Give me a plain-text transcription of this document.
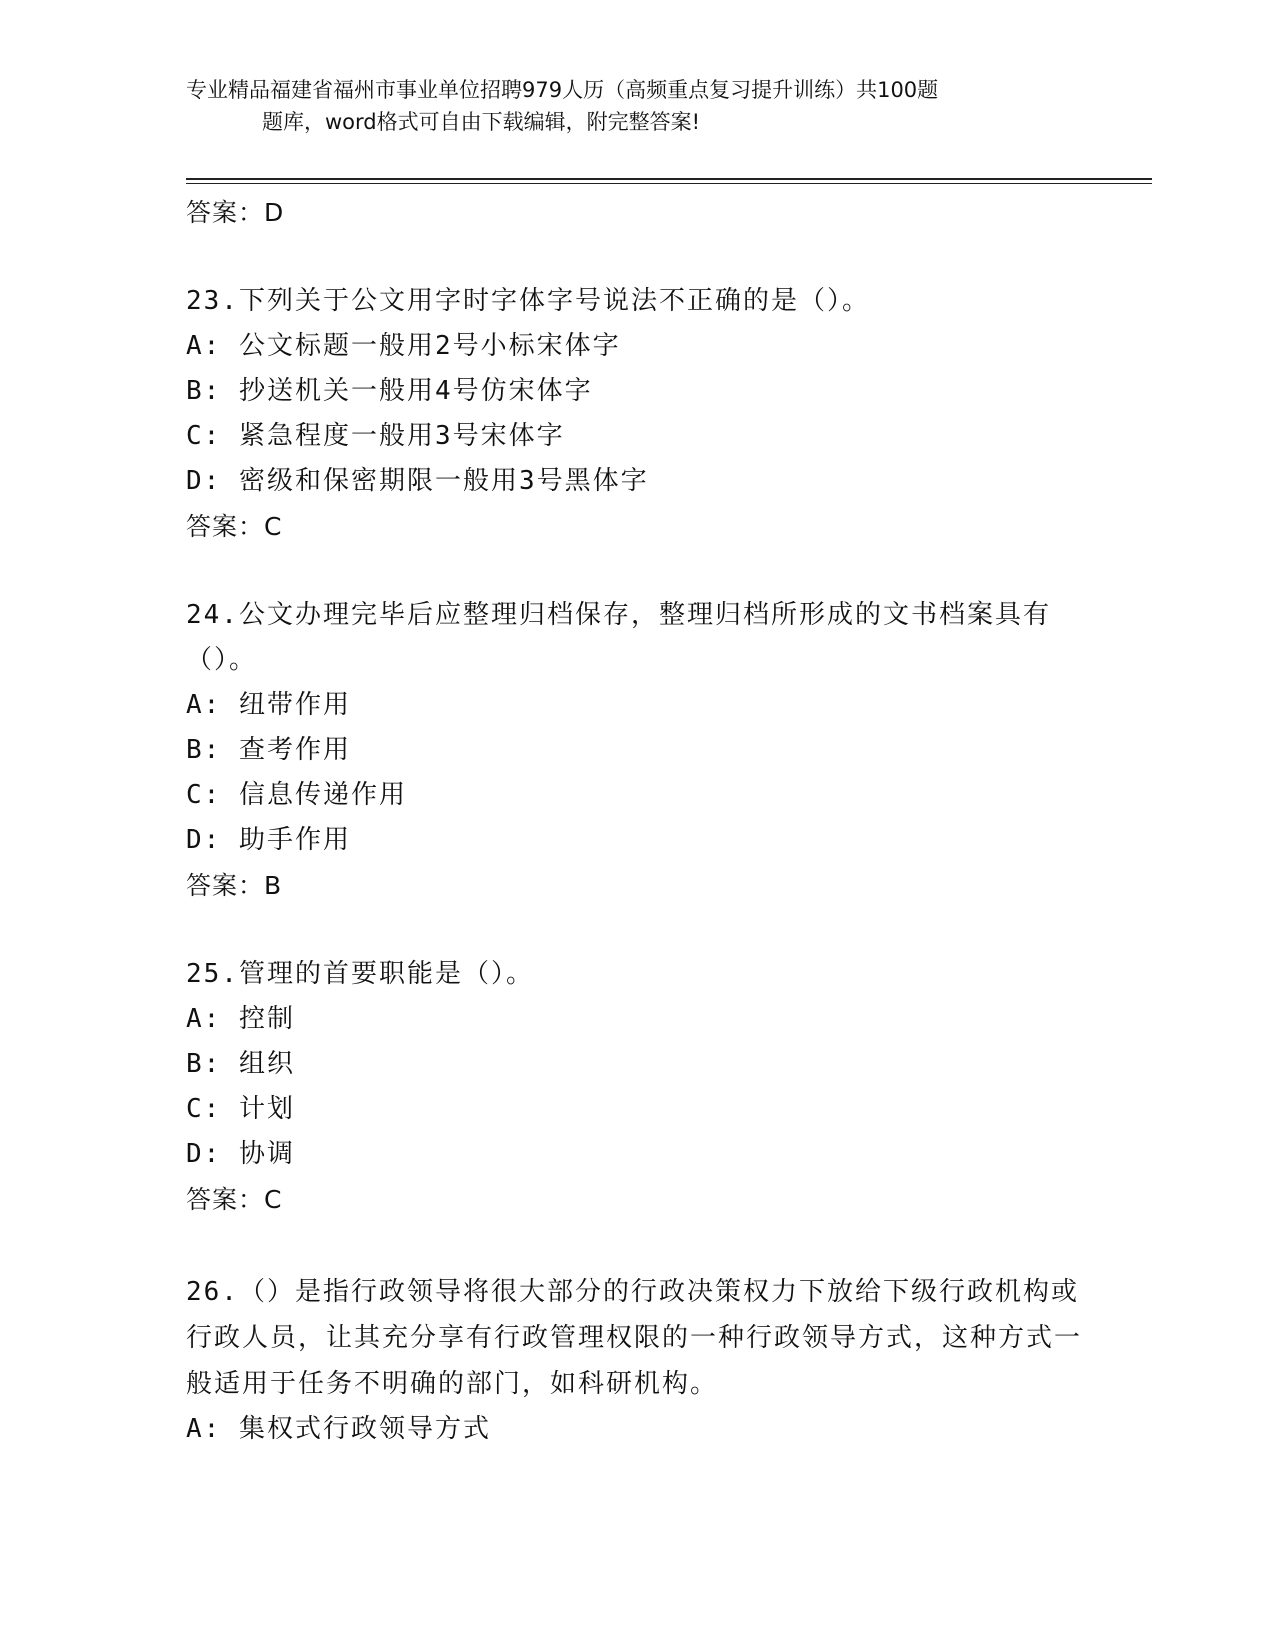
专业精品福建省福州市事业单位招聘979人历（高频重点复习提升训练）共100题
题库，word格式可自由下载编辑，附完整答案!
答案：D
23.下列关于公文用字时字体字号说法不正确的是（）。
A: 公文标题一般用2号小标宋体字
B: 抄送机关一般用4号仿宋体字
C: 紧急程度一般用3号宋体字
D: 密级和保密期限一般用3号黑体字
答案：C
24.公文办理完毕后应整理归档保存，整理归档所形成的文书档案具有（）。
A: 纽带作用
B: 查考作用
C: 信息传递作用
D: 助手作用
答案：B
25.管理的首要职能是（）。
A: 控制
B: 组织
C: 计划
D: 协调
答案：C
26.（）是指行政领导将很大部分的行政决策权力下放给下级行政机构或行政人员，让其充分享有行政管理权限的一种行政领导方式，这种方式一般适用于任务不明确的部门，如科研机构。
A: 集权式行政领导方式
